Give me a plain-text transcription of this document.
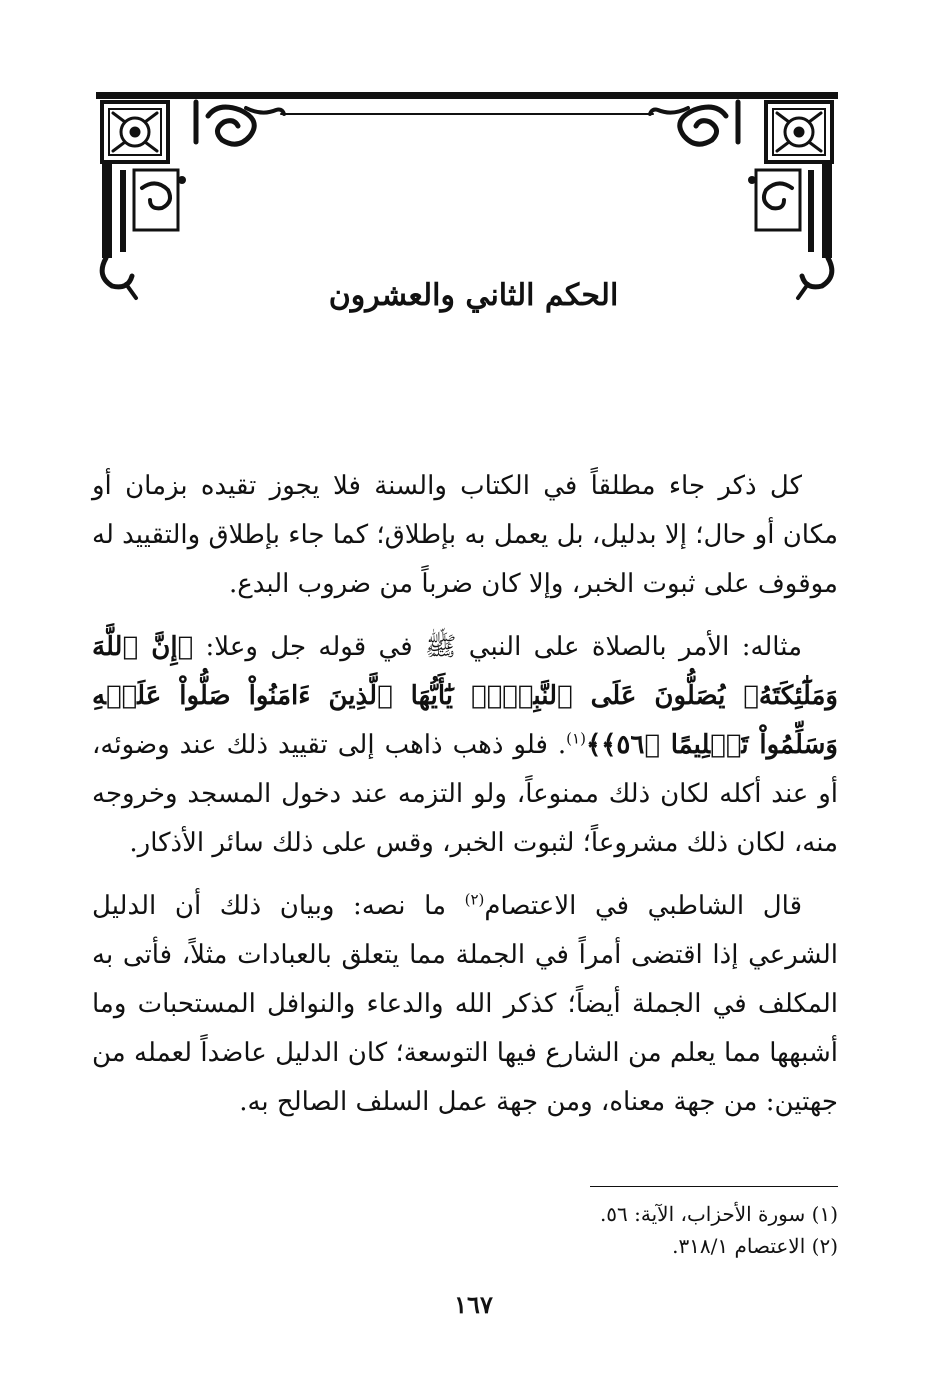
الحكم الثاني والعشرون

كل ذكر جاء مطلقاً في الكتاب والسنة فلا يجوز تقيده بزمان أو مكان أو حال؛ إلا بدليل، بل يعمل به بإطلاق؛ كما جاء بإطلاق والتقييد له موقوف على ثبوت الخبر، وإلا كان ضرباً من ضروب البدع.

مثاله: الأمر بالصلاة على النبي ﷺ في قوله جل وعلا: ﴿إِنَّ ٱللَّهَ وَمَلَٰٓئِكَتَهُۥ يُصَلُّونَ عَلَى ٱلنَّبِيِّۚ يَٰٓأَيُّهَا ٱلَّذِينَ ءَامَنُواْ صَلُّواْ عَلَيۡهِ وَسَلِّمُواْ تَسۡلِيمًا ﴿٥٦﴾﴾$^{(١)}$. فلو ذهب ذاهب إلى تقييد ذلك عند وضوئه، أو عند أكله لكان ذلك ممنوعاً، ولو التزمه عند دخول المسجد وخروجه منه، لكان ذلك مشروعاً؛ لثبوت الخبر، وقس على ذلك سائر الأذكار.

قال الشاطبي في الاعتصام$^{(٢)}$ ما نصه: وبيان ذلك أن الدليل الشرعي إذا اقتضى أمراً في الجملة مما يتعلق بالعبادات مثلاً، فأتى به المكلف في الجملة أيضاً؛ كذكر الله والدعاء والنوافل المستحبات وما أشبهها مما يعلم من الشارع فيها التوسعة؛ كان الدليل عاضداً لعمله من جهتين: من جهة معناه، ومن جهة عمل السلف الصالح به.

(١) سورة الأحزاب، الآية: ٥٦.
(٢) الاعتصام ٣١٨/١.
١٦٧
